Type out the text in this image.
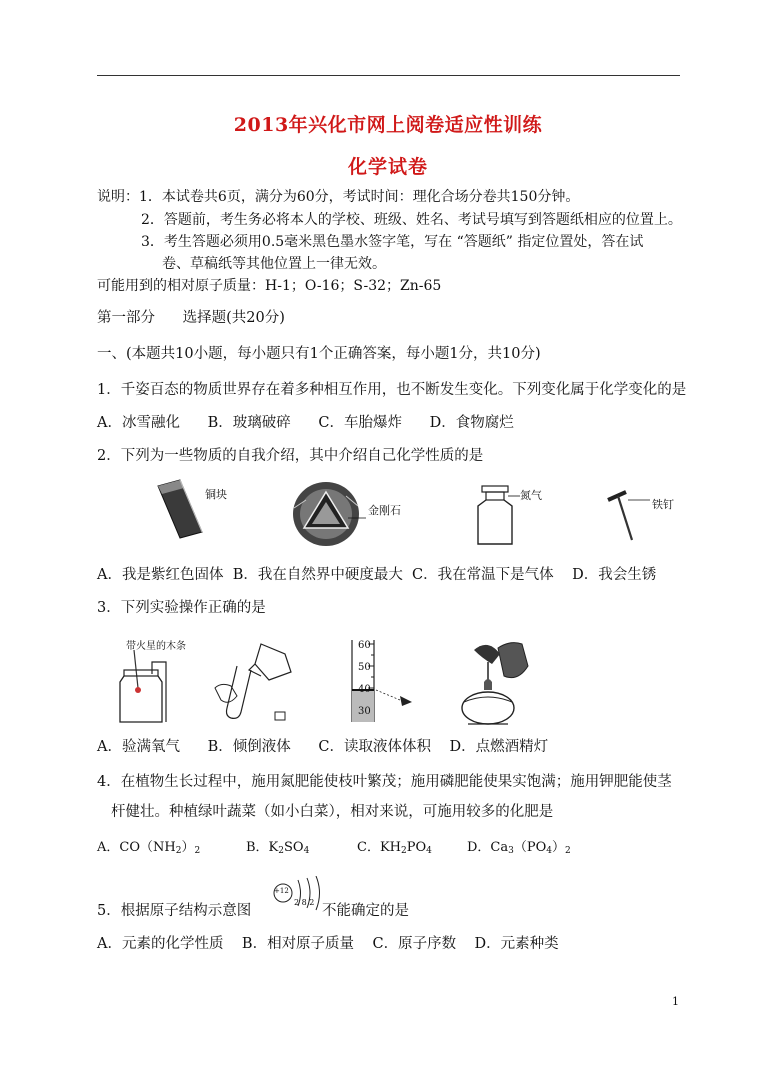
2013年兴化市网上阅卷适应性训练
化学试卷
说明：1．本试卷共6页，满分为60分，考试时间：理化合场分卷共150分钟。
2．答题前，考生务必将本人的学校、班级、姓名、考试号填写到答题纸相应的位置上。
3．考生答题必须用0.5毫米黑色墨水签字笔，写在 “答题纸” 指定位置处，答在试
卷、草稿纸等其他位置上一律无效。
可能用到的相对原子质量：H-1；O-16；S-32；Zn-65
第一部分      选择题(共20分)
一、(本题共10小题，每小题只有1个正确答案，每小题1分，共10分)
1．千姿百态的物质世界存在着多种相互作用，也不断发生变化。下列变化属于化学变化的是
A．冰雪融化      B．玻璃破碎      C．车胎爆炸      D．食物腐烂
2．下列为一些物质的自我介绍，其中介绍自己化学性质的是
铜块
金刚石
氮气
铁钉
A．我是紫红色固体  B．我在自然界中硬度最大  C．我在常温下是气体    D．我会生锈
3．下列实验操作正确的是
带火星的木条	60
50
40
30
A．验满氧气      B．倾倒液体      C．读取液体体积    D．点燃酒精灯
4．在植物生长过程中，施用氮肥能使枝叶繁茂；施用磷肥能使果实饱满；施用钾肥能使茎
杆健壮。种植绿叶蔬菜（如小白菜），相对来说，可施用较多的化肥是
A．$CO(NH_2)_2$	B．$K_2SO_4$	C．$KH_2PO_4$	D．$Ca_3(PO_4)_2$
5．根据原子结构示意图
+12
2 8 2
不能确定的是
A．元素的化学性质    B．相对原子质量    C．原子序数    D．元素种类
1
